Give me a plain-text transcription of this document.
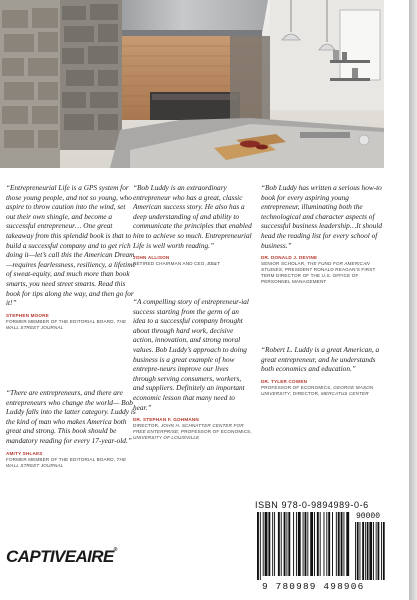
“Entrepreneurial Life is a GPS system for those young people, and not so young, who aspire to throw caution into the wind, set out their own shingle, and become a successful entrepreneur… One great takeaway from this splendid book is that to build a successful company and to get rich doing it—let’s call this the American Dream—requires fearlessness, resiliency, a lifetime of sweat-equity, and much more than book smarts, you need street smarts. Read this book for tips along the way, and then go for it!”

STEPHEN MOORE
FORMER MEMBER OF THE EDITORIAL BOARD, THE WALL STREET JOURNAL

“There are entrepreneurs, and there are entrepreneurs who change the world— Bob Luddy falls into the latter category. Luddy is the kind of man who makes America both great and strong. This book should be mandatory reading for every 17-year-old.”

AMITY SHLAES
FORMER MEMBER OF THE EDITORIAL BOARD, THE WALL STREET JOURNAL

“Bob Luddy is an extraordinary entrepreneur who has a great, classic American success story. He also has a deep understanding of and ability to communicate the principles that enabled him to achieve so much. Entrepreneurial Life is well worth reading.”

JOHN ALLISON
RETIRED CHAIRMAN AND CEO, BB&T

“A compelling story of entrepreneur-ial success starting from the germ of an idea to a successful company brought about through hard work, decisive action, innovation, and strong moral values. Bob Luddy’s approach to doing business is a great example of how entrepre-neurs improve our lives through serving consumers, workers, and suppliers. Definitely an important economic lesson that many need to hear.”

DR. STEPHAN F. GOHMANN
DIRECTOR, JOHN H. SCHNATTER CENTER FOR FREE ENTERPRISE; PROFESSOR OF ECONOMICS, UNIVERSITY OF LOUISVILLE

“Bob Luddy has written a serious how-to book for every aspiring young entrepreneur, illuminating both the technological and character aspects of successful business leadership…It should head the reading list for every school of business.”

DR. DONALD J. DEVINE
SENIOR SCHOLAR, THE FUND FOR AMERICAN STUDIES; PRESIDENT RONALD REAGAN’S FIRST TERM DIRECTOR OF THE U.S. OFFICE OF PERSONNEL MANAGEMENT

“Robert L. Luddy is a great American, a great entrepreneur, and he understands both economics and education.”

DR. TYLER COWEN
PROFESSOR OF ECONOMICS, GEORGE MASON UNIVERSITY; DIRECTOR, MERCATUS CENTER
ISBN 978-0-9894989-0-6
90000
9 780989 498906
CAPTIVEAIRE®
